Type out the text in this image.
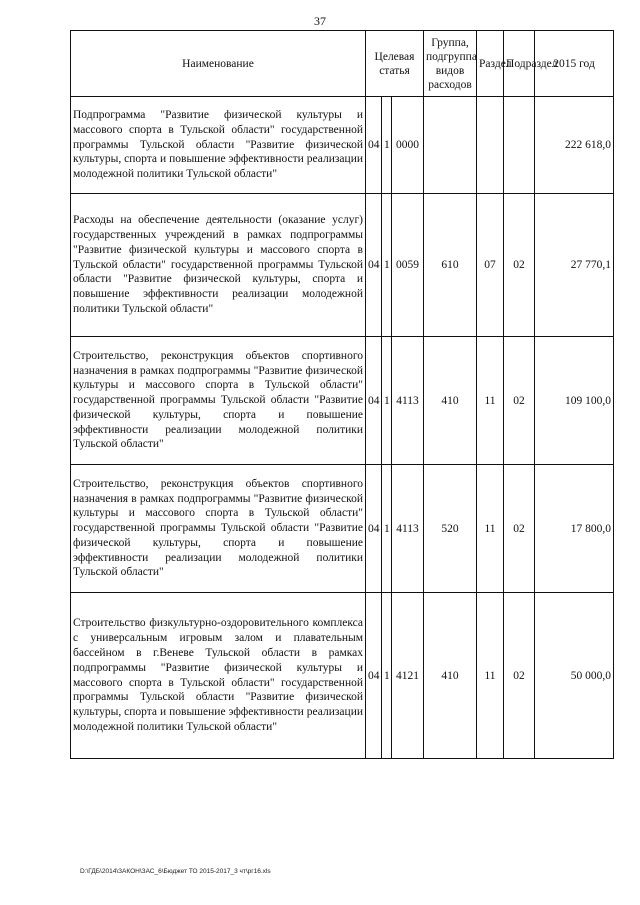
37
Наименование	Целевая статья			Группа, подгруппа видов расходов	Раздел	Подраздел	2015 год
Подпрограмма "Развитие физической культуры и массового спорта в Тульской области" государственной программы Тульской области "Развитие физической культуры, спорта и повышение эффективности реализации молодежной политики Тульской области"	04	1	0000				222 618,0
Расходы на обеспечение деятельности (оказание услуг) государственных учреждений в рамках подпрограммы "Развитие физической культуры и массового спорта в Тульской области" государственной программы Тульской области "Развитие физической культуры, спорта и повышение эффективности реализации молодежной политики Тульской области"	04	1	0059	610	07	02	27 770,1
Строительство, реконструкция объектов спортивного назначения в рамках подпрограммы "Развитие физической культуры и массового спорта в Тульской области" государственной программы Тульской области "Развитие физической культуры, спорта и повышение эффективности реализации молодежной политики Тульской области"	04	1	4113	410	11	02	109 100,0
Строительство, реконструкция объектов спортивного назначения в рамках подпрограммы "Развитие физической культуры и массового спорта в Тульской области" государственной программы Тульской области "Развитие физической культуры, спорта и повышение эффективности реализации молодежной политики Тульской области"	04	1	4113	520	11	02	17 800,0
Строительство физкультурно-оздоровительного комплекса с универсальным игровым залом и плавательным бассейном в г.Веневе Тульской области в рамках подпрограммы "Развитие физической культуры и массового спорта в Тульской области" государственной программы Тульской области "Развитие физической культуры, спорта и повышение эффективности реализации молодежной политики Тульской области"	04	1	4121	410	11	02	50 000,0
D:\ГДБ\2014\ЗАКОН\ЗАС_6\Бюджет ТО 2015-2017_3 чт\рг16.xls
